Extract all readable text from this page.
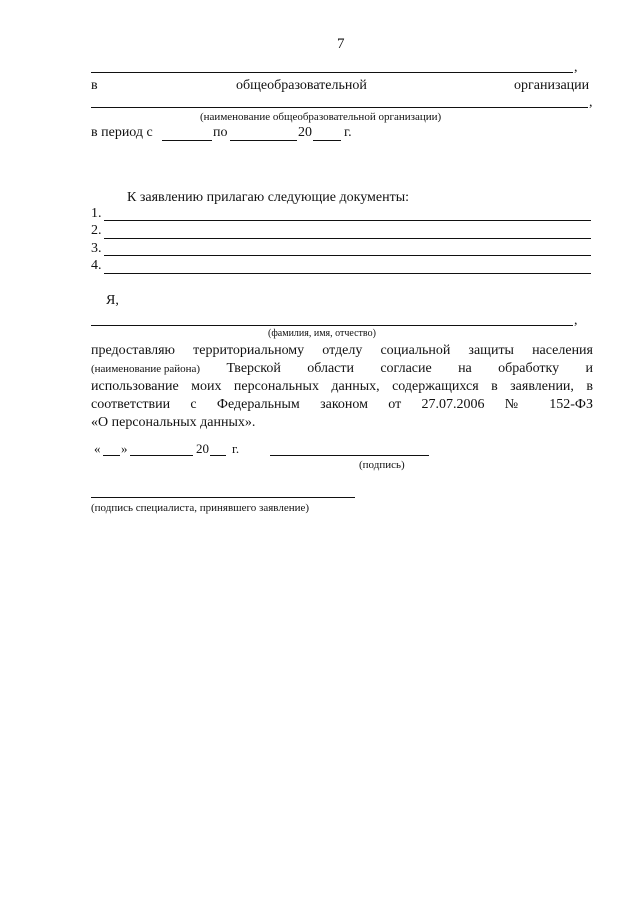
7
,
в	общеобразовательной	организации
,
(наименование общеобразовательной организации)
в период с	по	20 г.
К заявлению прилагаю следующие документы:
1.
2.
3.
4.
Я,
,
(фамилия, имя, отчество)
предоставляю территориальному отделу социальной защиты населения
(наименование района) Тверской области согласие на обработку и
использование моих персональных данных, содержащихся в заявлении, в
соответствии с Федеральным законом от 27.07.2006 № 152-ФЗ
«О персональных данных».
« »	20 г.
(подпись)
(подпись специалиста, принявшего заявление)
